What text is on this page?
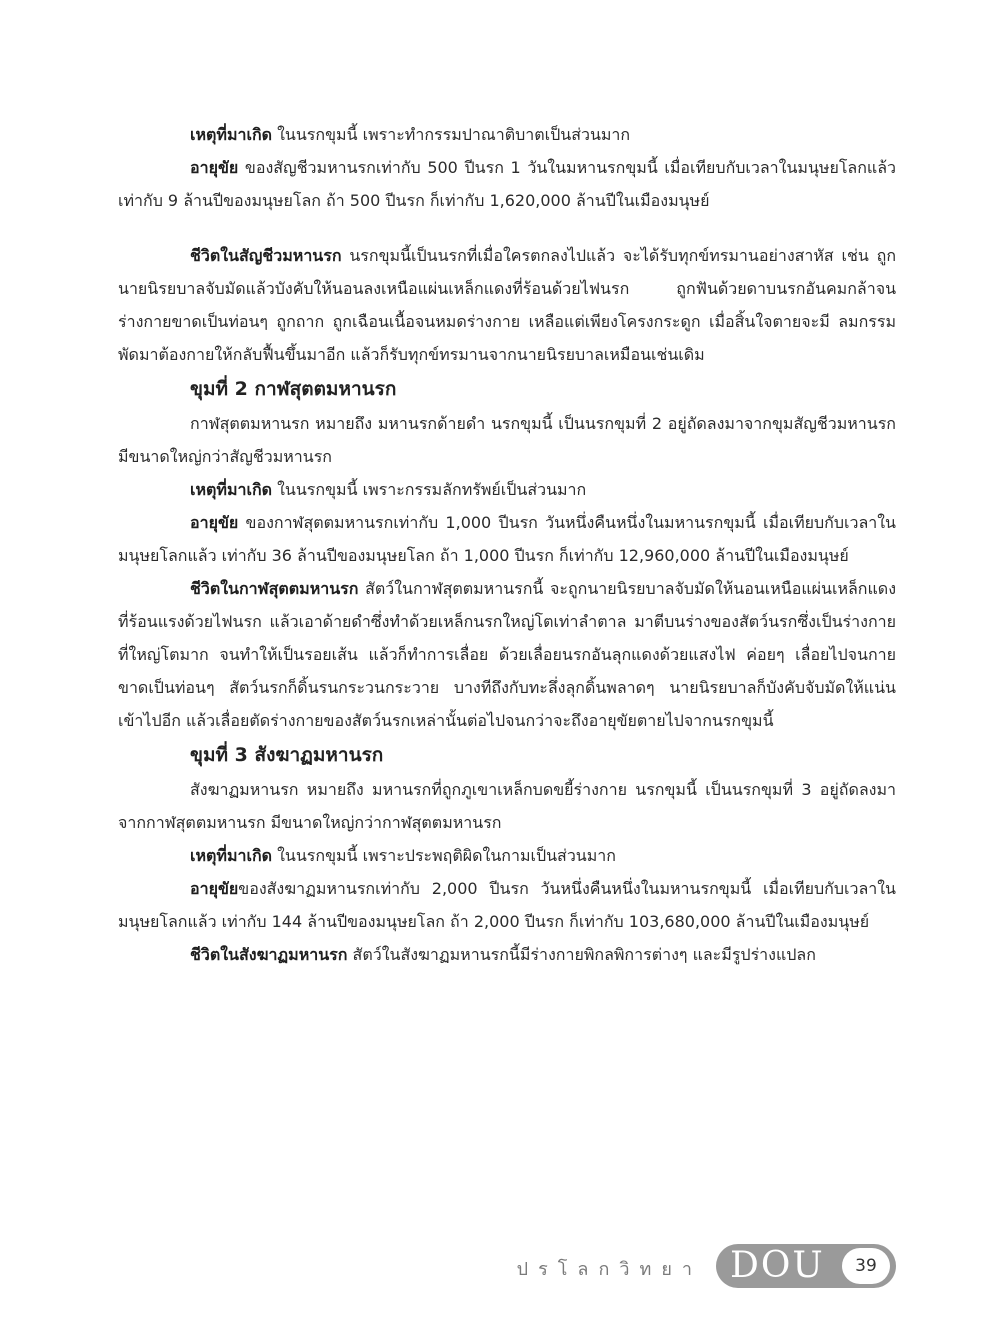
เหตุที่มาเกิด ในนรกขุมนี้ เพราะทำกรรมปาณาติบาตเป็นส่วนมาก

อายุขัย ของสัญชีวมหานรกเท่ากับ 500 ปีนรก 1 วันในมหานรกขุมนี้ เมื่อเทียบกับเวลาในมนุษยโลกแล้ว เท่ากับ 9 ล้านปีของมนุษยโลก ถ้า 500 ปีนรก ก็เท่ากับ 1,620,000 ล้านปีในเมืองมนุษย์

ชีวิตในสัญชีวมหานรก นรกขุมนี้เป็นนรกที่เมื่อใครตกลงไปแล้ว จะได้รับทุกข์ทรมานอย่างสาหัส เช่น ถูกนายนิรยบาลจับมัดแล้วบังคับให้นอนลงเหนือแผ่นเหล็กแดงที่ร้อนด้วยไฟนรก ถูกฟันด้วยดาบนรกอันคมกล้าจนร่างกายขาดเป็นท่อนๆ ถูกถาก ถูกเฉือนเนื้อจนหมดร่างกาย เหลือแต่เพียงโครงกระดูก เมื่อสิ้นใจตายจะมี ลมกรรม พัดมาต้องกายให้กลับฟื้นขึ้นมาอีก แล้วก็รับทุกข์ทรมานจากนายนิรยบาลเหมือนเช่นเดิม

ขุมที่ 2 กาฬสุตตมหานรก

กาฬสุตตมหานรก หมายถึง มหานรกด้ายดำ นรกขุมนี้ เป็นนรกขุมที่ 2 อยู่ถัดลงมาจากขุมสัญชีวมหานรก มีขนาดใหญ่กว่าสัญชีวมหานรก

เหตุที่มาเกิด ในนรกขุมนี้ เพราะกรรมลักทรัพย์เป็นส่วนมาก

อายุขัย ของกาฬสุตตมหานรกเท่ากับ 1,000 ปีนรก วันหนึ่งคืนหนึ่งในมหานรกขุมนี้ เมื่อเทียบกับเวลาในมนุษยโลกแล้ว เท่ากับ 36 ล้านปีของมนุษยโลก ถ้า 1,000 ปีนรก ก็เท่ากับ 12,960,000 ล้านปีในเมืองมนุษย์

ชีวิตในกาฬสุตตมหานรก สัตว์ในกาฬสุตตมหานรกนี้ จะถูกนายนิรยบาลจับมัดให้นอนเหนือแผ่นเหล็กแดงที่ร้อนแรงด้วยไฟนรก แล้วเอาด้ายดำซึ่งทำด้วยเหล็กนรกใหญ่โตเท่าลำตาล มาตีบนร่างของสัตว์นรกซึ่งเป็นร่างกายที่ใหญ่โตมาก จนทำให้เป็นรอยเส้น แล้วก็ทำการเลื่อย ด้วยเลื่อยนรกอันลุกแดงด้วยแสงไฟ ค่อยๆ เลื่อยไปจนกายขาดเป็นท่อนๆ สัตว์นรกก็ดิ้นรนกระวนกระวาย บางทีถึงกับทะลึ่งลุกดิ้นพลาดๆ นายนิรยบาลก็บังคับจับมัดให้แน่นเข้าไปอีก แล้วเลื่อยตัดร่างกายของสัตว์นรกเหล่านั้นต่อไปจนกว่าจะถึงอายุขัยตายไปจากนรกขุมนี้

ขุมที่ 3 สังฆาฏมหานรก

สังฆาฏมหานรก หมายถึง มหานรกที่ถูกภูเขาเหล็กบดขยี้ร่างกาย นรกขุมนี้ เป็นนรกขุมที่ 3 อยู่ถัดลงมาจากกาฬสุตตมหานรก มีขนาดใหญ่กว่ากาฬสุตตมหานรก

เหตุที่มาเกิด ในนรกขุมนี้ เพราะประพฤติผิดในกามเป็นส่วนมาก

อายุขัยของสังฆาฏมหานรกเท่ากับ 2,000 ปีนรก วันหนึ่งคืนหนึ่งในมหานรกขุมนี้ เมื่อเทียบกับเวลาในมนุษยโลกแล้ว เท่ากับ 144 ล้านปีของมนุษยโลก ถ้า 2,000 ปีนรก ก็เท่ากับ 103,680,000 ล้านปีในเมืองมนุษย์

ชีวิตในสังฆาฏมหานรก สัตว์ในสังฆาฏมหานรกนี้มีร่างกายพิกลพิการต่างๆ และมีรูปร่างแปลก

ปรโลกวิทยา DOU	39
